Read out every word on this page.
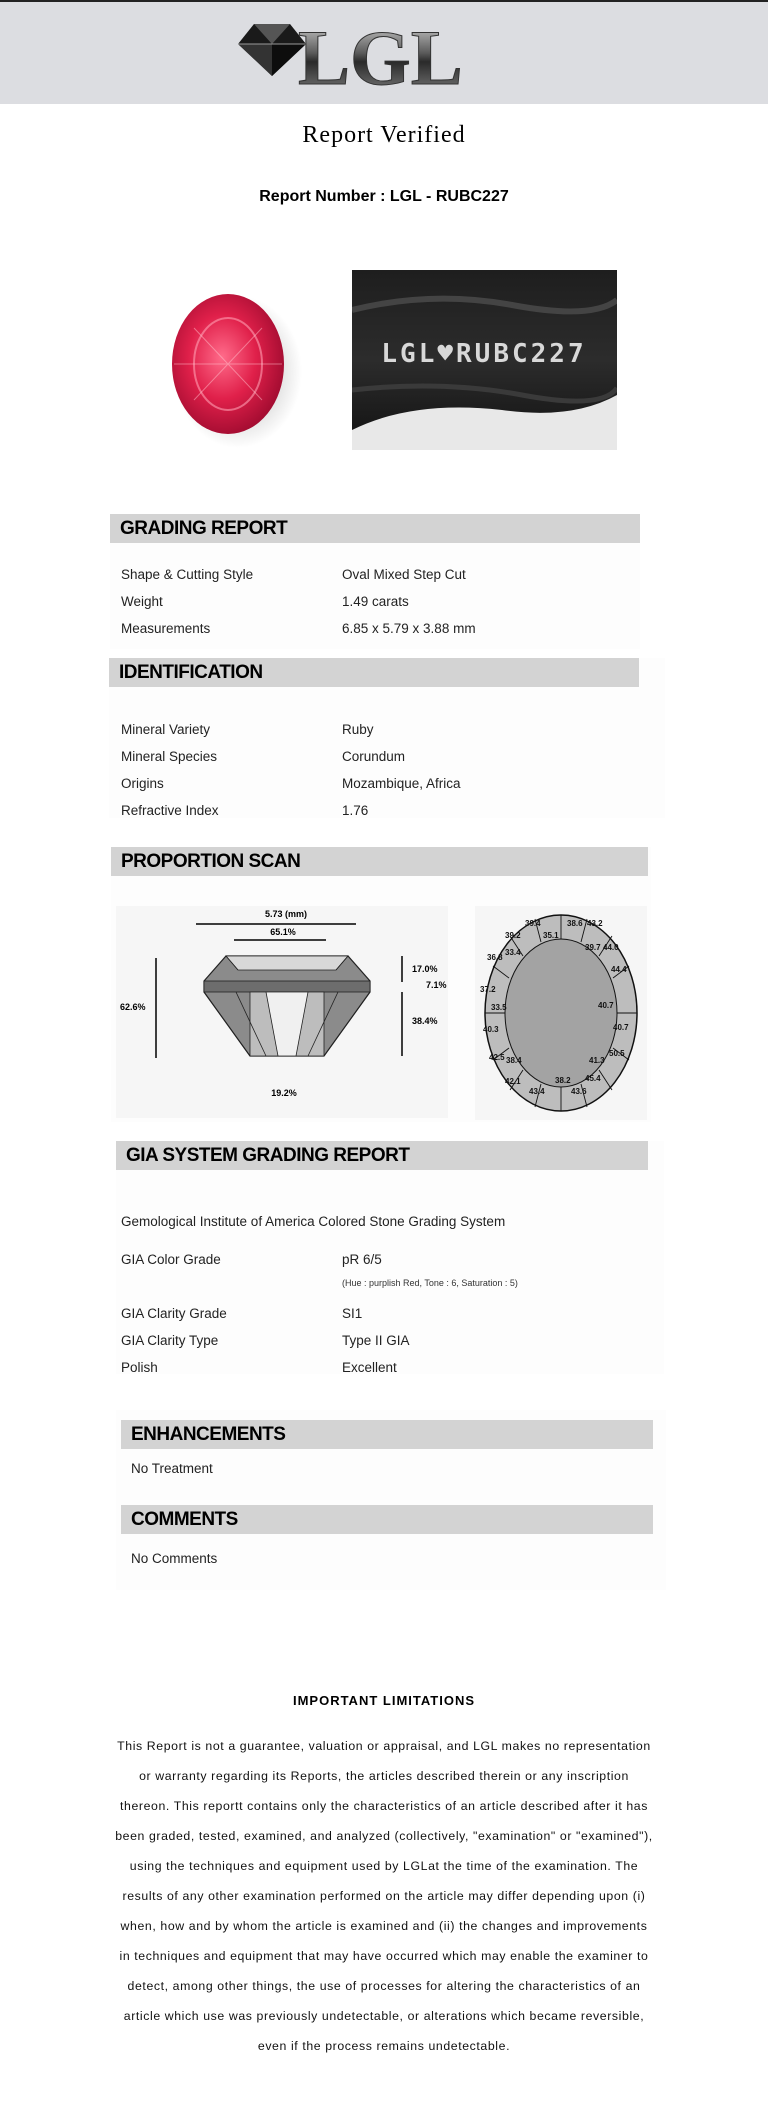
LGL
Report Verified
Report Number : LGL - RUBC227
LGL♥RUBC227
GRADING REPORT
Shape & Cutting Style	Oval Mixed Step Cut
Weight	1.49 carats
Measurements	6.85 x 5.79 x 3.88 mm
IDENTIFICATION
Mineral Variety	Ruby
Mineral Species	Corundum
Origins	Mozambique, Africa
Refractive Index	1.76
PROPORTION SCAN
5.73 (mm)
65.1%
62.6%
17.0%
7.1%
38.4%
19.2%
39.4	38.6 43.2
39.2	35.1
36.8
33.4
39.7 44.0
44.4
37.2
40.7
33.5
40.7
40.3
50.5
42.5 38.4	41.3
42.1
43.4
38.2 45.4
43.6
GIA SYSTEM GRADING REPORT
Gemological Institute of America Colored Stone Grading System
GIA Color Grade	pR 6/5
(Hue : purplish Red, Tone : 6, Saturation : 5)
GIA Clarity Grade	SI1
GIA Clarity Type	Type II GIA
Polish	Excellent
ENHANCEMENTS
No Treatment
COMMENTS
No Comments
IMPORTANT LIMITATIONS
This Report is not a guarantee, valuation or appraisal, and LGL makes no representation or warranty regarding its Reports, the articles described therein or any inscription thereon. This reportt contains only the characteristics of an article described after it has been graded, tested, examined, and analyzed (collectively, "examination" or "examined"), using the techniques and equipment used by LGLat the time of the examination. The results of any other examination performed on the article may differ depending upon (i) when, how and by whom the article is examined and (ii) the changes and improvements in techniques and equipment that may have occurred which may enable the examiner to detect, among other things, the use of processes for altering the characteristics of an article which use was previously undetectable, or alterations which became reversible, even if the process remains undetectable.
